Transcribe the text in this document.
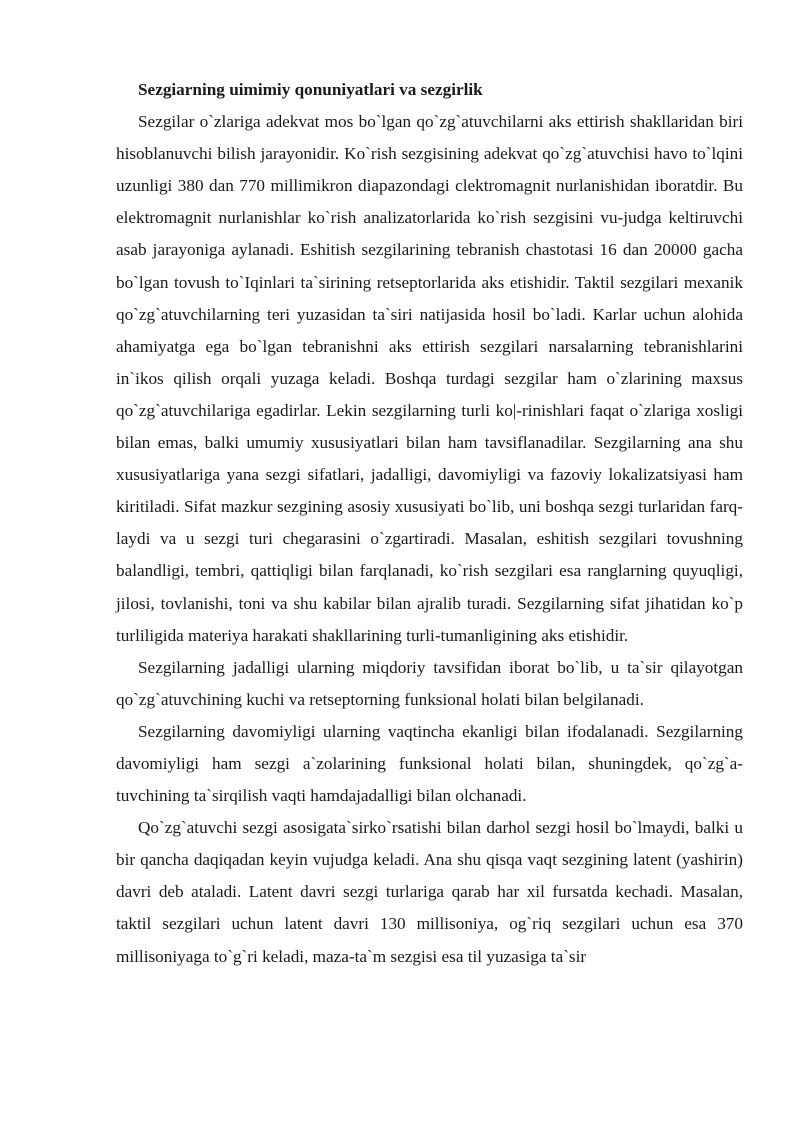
Sezgiarning uimimiy qonuniyatlari va sezgirlik

Sezgilar o`zlariga adekvat mos bo`lgan qo`zg`atuvchilarni aks ettirish shakllaridan biri hisoblanuvchi bilish jarayonidir. Ko`rish sezgisining adekvat qo`zg`atuvchisi havo to`lqini uzunligi 380 dan 770 millimikron diapazondagi clektromagnit nurlanishidan iboratdir. Bu elektromagnit nurlanishlar ko`rish analizatorlarida ko`rish sezgisini vu-judga keltiruvchi asab jarayoniga aylanadi. Eshitish sezgilarining tebranish chastotasi 16 dan 20000 gacha bo`lgan tovush to`Iqinlari ta`sirining retseptorlarida aks etishidir. Taktil sezgilari mexanik qo`zg`atuvchilarning teri yuzasidan ta`siri natijasida hosil bo`ladi. Karlar uchun alohida ahamiyatga ega bo`lgan tebranishni aks ettirish sezgilari narsalarning tebranishlarini in`ikos qilish orqali yuzaga keladi. Boshqa turdagi sezgilar ham o`zlarining maxsus qo`zg`atuvchilariga egadirlar. Lekin sezgilarning turli ko|-rinishlari faqat o`zlariga xosligi bilan emas, balki umumiy xususiyatlari bilan ham tavsiflanadilar. Sezgilarning ana shu xususiyatlariga yana sezgi sifatlari, jadalligi, davomiyligi va fazoviy lokalizatsiyasi ham kiritiladi. Sifat mazkur sezgining asosiy xususiyati bo`lib, uni boshqa sezgi turlaridan farq-laydi va u sezgi turi chegarasini o`zgartiradi. Masalan, eshitish sezgilari tovushning balandligi, tembri, qattiqligi bilan farqlanadi, ko`rish sezgilari esa ranglarning quyuqligi, jilosi, tovlanishi, toni va shu kabilar bilan ajralib turadi. Sezgilarning sifat jihatidan ko`p turliligida materiya harakati shakllarining turli-tumanligining aks etishidir.

Sezgilarning jadalligi ularning miqdoriy tavsifidan iborat bo`lib, u ta`sir qilayotgan qo`zg`atuvchining kuchi va retseptorning funksional holati bilan belgilanadi.

Sezgilarning davomiyligi ularning vaqtincha ekanligi bilan ifodalanadi. Sezgilarning davomiyligi ham sezgi a`zolarining funksional holati bilan, shuningdek, qo`zg`a-tuvchining ta`sirqilish vaqti hamdajadalligi bilan olchanadi.

Qo`zg`atuvchi sezgi asosigata`sirko`rsatishi bilan darhol sezgi hosil bo`lmaydi, balki u bir qancha daqiqadan keyin vujudga keladi. Ana shu qisqa vaqt sezgining latent (yashirin) davri deb ataladi. Latent davri sezgi turlariga qarab har xil fursatda kechadi. Masalan, taktil sezgilari uchun latent davri 130 millisoniya, og`riq sezgilari uchun esa 370 millisoniyaga to`g`ri keladi, maza-ta`m sezgisi esa til yuzasiga ta`sir
